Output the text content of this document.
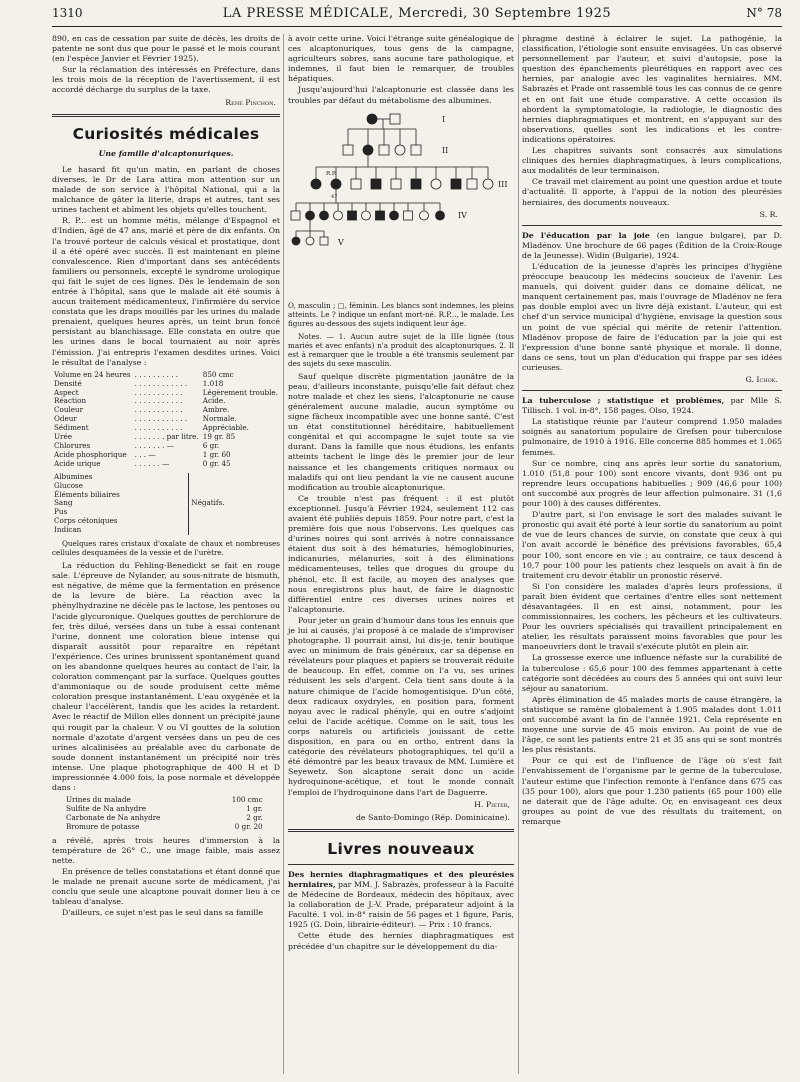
1310	LA PRESSE MÉDICALE, Mercredi, 30 Septembre 1925	N° 78

890, en cas de cessation par suite de décès, les droits de patente ne sont dus que pour le passé et le mois courant (en l'espèce Janvier et Février 1925).

Sur la réclamation des intéressés en Préfecture, dans les trois mois de la réception de l'avertissement, il est accordé décharge du surplus de la taxe.

René Pinchon.
Curiosités médicales
Une famille d'alcaptonuriques.

Le hasard fit qu'un matin, en parlant de choses diverses, le Dr de Lara attira mon attention sur un malade de son service à l'hôpital National, qui a la malchance de gâter la literie, draps et autres, tant ses urines tachent et abîment les objets qu'elles touchent.

R. P... est un homme métis, mélange d'Espagnol et d'Indien, âgé de 47 ans, marié et père de dix enfants. On l'a trouvé porteur de calculs vésical et prostatique, dont il a été opéré avec succès. Il est maintenant en pleine convalescence. Rien d'important dans ses antécédents familiers ou personnels, excepté le syndrome urologique qui fait le sujet de ces lignes. Dès le lendemain de son entrée à l'hôpital, sans que le malade ait été soumis à aucun traitement médicamenteux, l'infirmière du service constata que les draps mouillés par les urines du malade prenaient, quelques heures après, un teint brun foncé persistant au blanchissage. Elle constata en outre que les urines dans le bocal tournaient au noir après l'émission. J'ai entrepris l'examen desdites urines. Voici le résultat de l'analyse :

Volume en 24 heures	. . . . . . . . . .	850 cmc
Densité	. . . . . . . . . . . .	1.018
Aspect	. . . . . . . . . . .	Légèrement trouble.
Réaction	. . . . . . . . . . .	Acide.
Couleur	. . . . . . . . . . .	Ambre.
Odeur	. . . . . . . . . . . .	Normale.
Sédiment	. . . . . . . . . . .	Appréciable.
Urée	. . . . . . . par litre.	19 gr. 85
Chlorures	. . . . . . . —	6 gr.
Acide phosphorique	. . . —	1 gr. 60
Acide urique	. . . . . . —	0 gr. 45
Albumines
Glucose
Éléments biliaires
Sang
Pus
Corps cétoniques
Indican
	Négatifs.

Quelques rares cristaux d'oxalate de chaux et nombreuses cellules desquamées de la vessie et de l'urètre.

La réduction du Fehling-Benedickt se fait en rouge sale. L'épreuve de Nylander, au sous-nitrate de bismuth, est négative, de même que la fermentation en présence de la levure de bière. La réaction avec la phénylhydrazine ne décèle pas le lactose, les pentoses ou l'acide glycuronique. Quelques gouttes de perchlorure de fer, très dilué, versées dans un tube à essai contenant l'urine, donnent une coloration bleue intense qui disparaît aussitôt pour reparaître en répétant l'expérience. Ces urines brunissent spontanément quand on les abandonne quelques heures au contact de l'air, la coloration commençant par la surface. Quelques gouttes d'ammoniaque ou de soude produisent cette même coloration presque instantanément. L'eau oxygénée et la chaleur l'accélèrent, tandis que les acides la retardent. Avec le réactif de Millon elles donnent un précipité jaune qui rougit par la chaleur. V ou VI gouttes de la solution normale d'azotate d'argent versées dans un peu de ces urines alcalinisées au préalable avec du carbonate de soude donnent instantanément un précipité noir très intense. Une plaque photographique de 400 H et D impressionnée 4.000 fois, la pose normale et développée dans :

Urines du malade	100 cmc
Sulfite de Na anhydre	1 gr.
Carbonate de Na anhydre	2 gr.
Bromure de potasse	0 gr. 20

a révélé, après trois heures d'immersion à la température de 26° C., une image faible, mais assez nette.

En présence de telles constatations et étant donné que le malade ne prenait aucune sorte de médicament, j'ai conclu que seule une alcaptone pouvait donner lieu à ce tableau d'analyse.

D'ailleurs, ce sujet n'est pas le seul dans sa famille

à avoir cette urine. Voici l'étrange suite généalogique de ces alcaptonuriques, tous gens de la campagne, agriculteurs sobres, sans aucune tare pathologique, et indemnes, il faut bien le remarquer, de troubles hépatiques.

Jusqu'aujourd'hui l'alcaptonurie est classée dans les troubles par défaut du métabolisme des albumines.

I
II
III
IV
V
R.P.
47

O, masculin ; □, féminin. Les blancs sont indemnes, les pleins atteints. Le ? indique un enfant mort-né. R.P..., le malade. Les figures au-dessous des sujets indiquent leur âge.

Notes. — 1. Aucun autre sujet de la IIIe lignée (tous mariés et avec enfants) n'a produit des alcaptonuriques. 2. Il est à remarquer que le trouble a été transmis seulement par des sujets du sexe masculin.

Sauf quelque discrète pigmentation jaunâtre de la peau, d'ailleurs inconstante, puisqu'elle fait défaut chez notre malade et chez les siens, l'alcaptonurie ne cause généralement aucune maladie, aucun symptôme ou signe fâcheux incompatible avec une bonne santé. C'est un état constitutionnel héréditaire, habituellement congénital et qui accompagne le sujet toute sa vie durant. Dans la famille que nous étudions, les enfants atteints tachent le linge dès le premier jour de leur naissance et les changements critiques normaux ou maladifs qui ont lieu pendant la vie ne causent aucune modification au trouble alcaptonurique.

Ce trouble n'est pas fréquent : il est plutôt exceptionnel. Jusqu'à Février 1924, seulement 112 cas avaient été publiés depuis 1859. Pour notre part, c'est la première fois que nous l'observons. Les quelques cas d'urines noires qui sont arrivés à notre connaissance étaient dus soit à des hématuries, hémoglobinuries, indicanuries, mélanuries, soit à des éliminations médicamenteuses, telles que drogues du groupe du phénol, etc. Il est facile, au moyen des analyses que nous enregistrons plus haut, de faire le diagnostic différentiel entre ces diverses urines noires et l'alcaptonurie.

Pour jeter un grain d'humour dans tous les ennuis que je lui ai causés, j'ai proposé à ce malade de s'improviser photographe. Il pourrait ainsi, lui dis-je, tenir boutique avec un minimum de frais généraux, car sa dépense en révélateurs pour plaques et papiers se trouverait réduite de beaucoup. En effet, comme on l'a vu, ses urines réduisent les sels d'argent. Cela tient sans doute à la nature chimique de l'acide homogentisique. D'un côté, deux radicaux oxydryles, en position para, forment noyau avec le radical phényle, qui en outre s'adjoint celui de l'acide acétique. Comme on le sait, tous les corps naturels ou artificiels jouissant de cette disposition, en para ou en ortho, entrent dans la catégorie des révélateurs photographiques, tel qu'il a été démontré par les beaux travaux de MM. Lumière et Seyewetz. Son alcaptone serait donc un acide hydroquinone-acétique, et tout le monde connaît l'emploi de l'hydroquinone dans l'art de Daguerre.

H. Pieter,
de Santo-Domingo (Rép. Dominicaine).
Livres nouveaux

Des hernies diaphragmatiques et des pleurésies herniaires, par MM. J. Sabrazès, professeur à la Faculté de Médecine de Bordeaux, médecin des hôpitaux, avec la collaboration de J.-V. Prade, préparateur adjoint à la Faculté. 1 vol. in-8° raisin de 56 pages et 1 figure, Paris, 1925 (G. Doin, librairie-éditeur). — Prix : 10 francs.

Cette étude des hernies diaphragmatiques est précédée d'un chapitre sur le développement du dia-

phragme destiné à éclairer le sujet. La pathogénie, la classification, l'étiologie sont ensuite envisagées. Un cas observé personnellement par l'auteur, et suivi d'autopsie, pose la question des épanchements pleurétiques en rapport avec ces hernies, par analogie avec les vaginalites herniaires. MM. Sabrazès et Prade ont rassemblé tous les cas connus de ce genre et en ont fait une étude comparative. A cette occasion ils abordent la symptomatologie, la radiologie, le diagnostic des hernies diaphragmatiques et montrent, en s'appuyant sur des observations, quelles sont les indications et les contre-indications opératoires.

Les chapitres suivants sont consacrés aux simulations cliniques des hernies diaphragmatiques, à leurs complications, aux modalités de leur terminaison.

Ce travail met clairement au point une question ardue et toute d'actualité. Il apporte, à l'appui de la notion des pleurésies herniaires, des documents nouveaux.

S. R.

De l'éducation par la joie (en langue bulgare), par D. Mladénov. Une brochure de 66 pages (Édition de la Croix-Rouge de la Jeunesse). Widin (Bulgarie), 1924.

L'éducation de la jeunesse d'après les principes d'hygiène préoccupe beaucoup les médecins soucieux de l'avenir. Les manuels, qui doivent guider dans ce domaine délicat, ne manquent certainement pas, mais l'ouvrage de Mladénov ne fera pas double emploi avec un livre déjà existant. L'auteur, qui est chef d'un service municipal d'hygiène, envisage la question sous un point de vue spécial qui mérite de retenir l'attention. Mladénov propose de faire de l'éducation par la joie qui est l'expression d'une bonne santé physique et morale. Il donne, dans ce sens, tout un plan d'éducation qui frappe par ses idées curieuses.

G. Ichok.

La tuberculose ; statistique et problèmes, par Mlle S. Tillisch. 1 vol. in-8°, 158 pages. Olso, 1924.

La statistique réunie par l'auteur comprend 1.950 malades soignés au sanatorium populaire de Grefsen pour tuberculose pulmonaire, de 1910 à 1916. Elle concerne 885 hommes et 1.065 femmes.

Sur ce nombre, cinq ans après leur sortie du sanatorium, 1.010 (51,8 pour 100) sont encore vivants, dont 936 ont pu reprendre leurs occupations habituelles ; 909 (46,6 pour 100) ont succombé aux progrès de leur affection pulmonaire. 31 (1,6 pour 100) à des causes différentes.

D'autre part, si l'on envisage le sort des malades suivant le pronostic qui avait été porté à leur sortie du sanatorium au point de vue de leurs chances de survie, on constate que ceux à qui l'on avait accordé le bénéfice des prévisions favorables, 65,4 pour 100, sont encore en vie ; au contraire, ce taux descend à 10,7 pour 100 pour les patients chez lesquels on avait à fin de traitement cru devoir établir un pronostic réservé.

Si l'on considère les malades d'après leurs professions, il paraît bien évident que certaines d'entre elles sont nettement désavantagées. Il en est ainsi, notamment, pour les commissionnaires, les cochers, les pêcheurs et les cultivateurs. Pour les ouvriers spécialisés qui travaillent principalement en atelier, les résultats paraissent moins favorables que pour les manoeuvriers dont le travail s'exécute plutôt en plein air.

La grossesse exerce une influence néfaste sur la curabilité de la tuberculose : 65,6 pour 100 des femmes appartenant à cette catégorie sont décédées au cours des 5 années qui ont suivi leur séjour au sanatorium.

Après élimination de 45 malades morts de cause étrangère, la statistique se ramène globalement à 1.905 malades dont 1.011 ont succombé avant la fin de l'année 1921. Cela représente en moyenne une survie de 45 mois environ. Au point de vue de l'âge, ce sont les patients entre 21 et 35 ans qui se sont montrés les plus résistants.

Pour ce qui est de l'influence de l'âge où s'est fait l'envahissement de l'organisme par le germe de la tuberculose, l'auteur estime que l'infection remonte à l'enfance dans 675 cas (35 pour 100), alors que pour 1.230 patients (65 pour 100) elle ne daterait que de l'âge adulte. Or, en envisageant ces deux groupes au point de vue des résultats du traitement, on remarque
